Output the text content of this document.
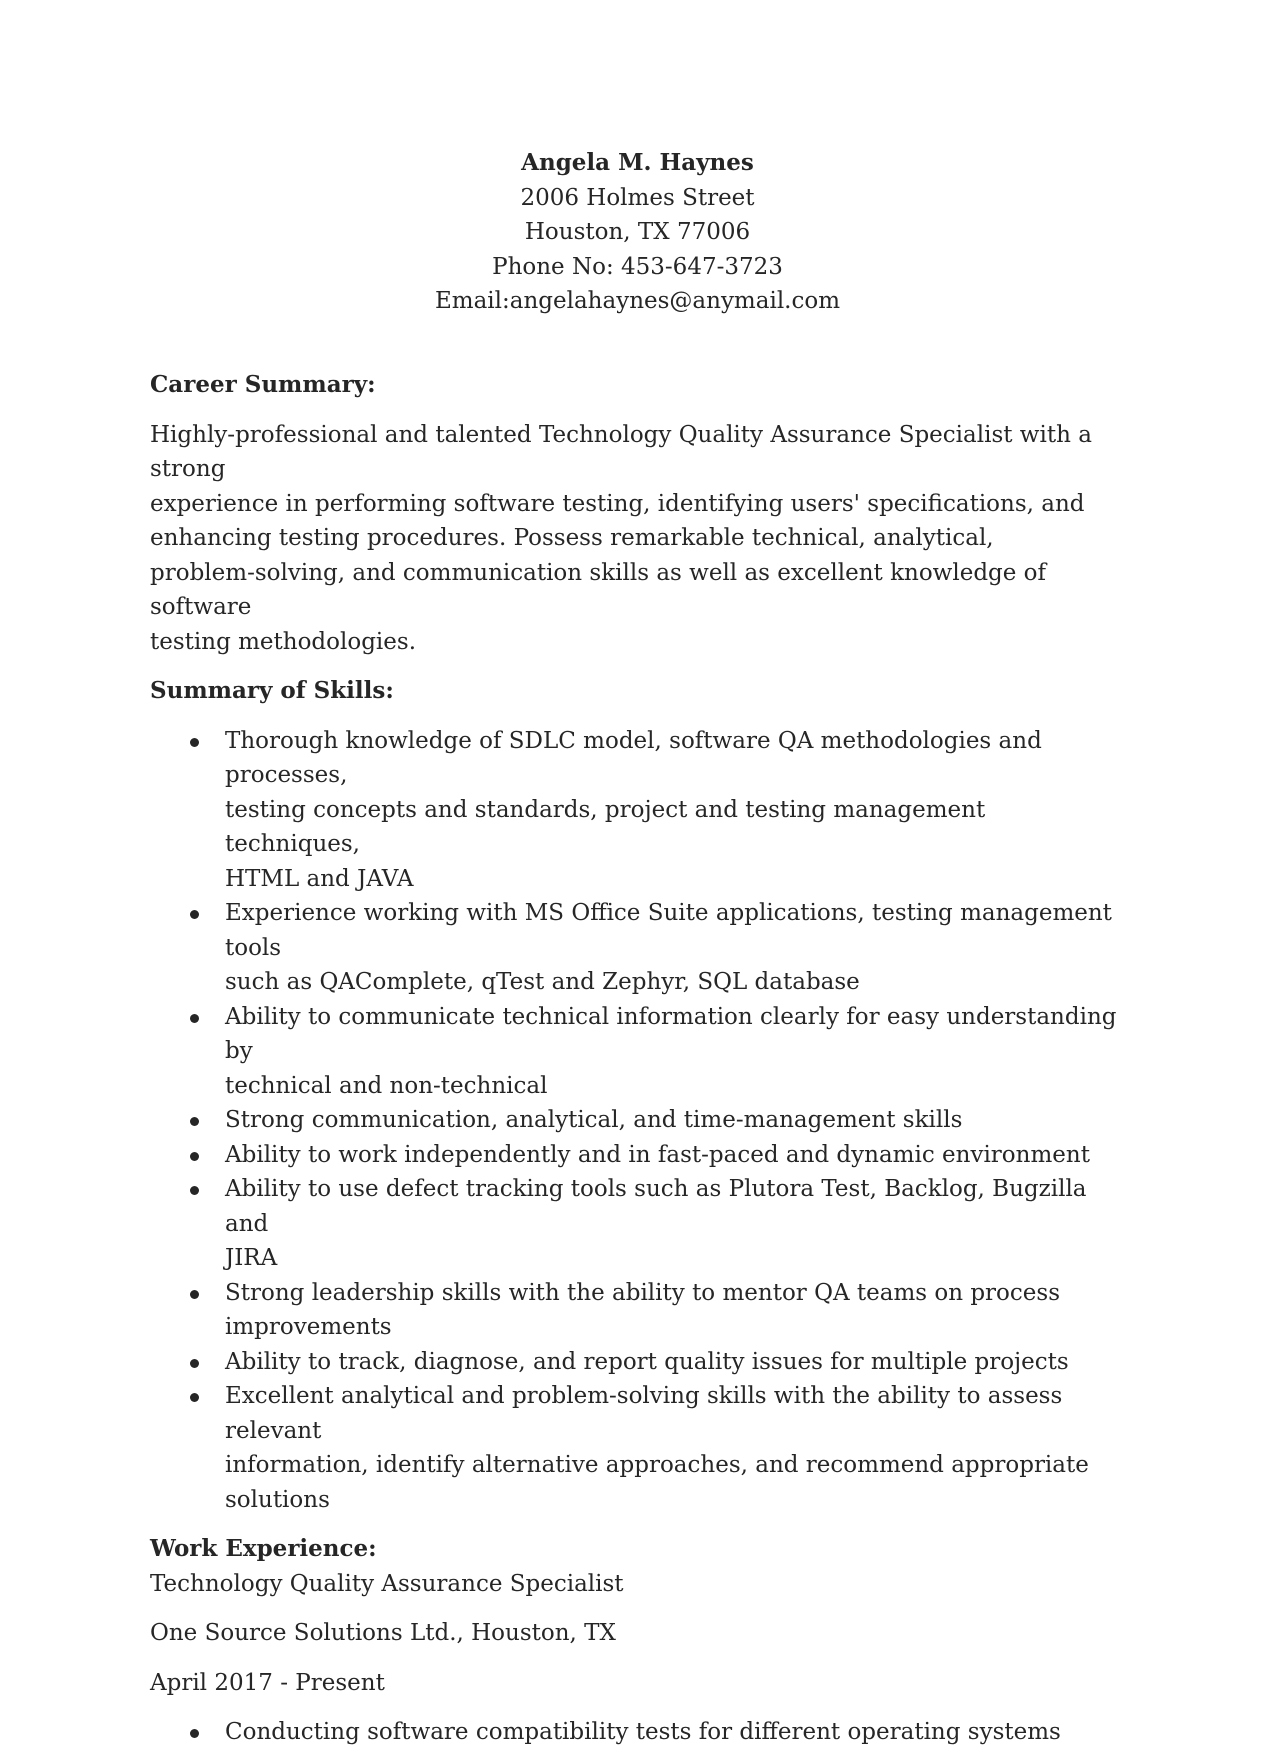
Angela M. Haynes
2006 Holmes Street
Houston, TX 77006
Phone No: 453-647-3723
Email:angelahaynes@anymail.com
Career Summary:
Highly-professional and talented Technology Quality Assurance Specialist with a strong
experience in performing software testing, identifying users' specifications, and
enhancing testing procedures. Possess remarkable technical, analytical,
problem-solving, and communication skills as well as excellent knowledge of software
testing methodologies.
Summary of Skills:
Thorough knowledge of SDLC model, software QA methodologies and processes,
testing concepts and standards, project and testing management techniques,
HTML and JAVA
Experience working with MS Office Suite applications, testing management tools
such as QAComplete, qTest and Zephyr, SQL database
Ability to communicate technical information clearly for easy understanding by
technical and non-technical
Strong communication, analytical, and time-management skills
Ability to work independently and in fast-paced and dynamic environment
Ability to use defect tracking tools such as Plutora Test, Backlog, Bugzilla and
JIRA
Strong leadership skills with the ability to mentor QA teams on process
improvements
Ability to track, diagnose, and report quality issues for multiple projects
Excellent analytical and problem-solving skills with the ability to assess relevant
information, identify alternative approaches, and recommend appropriate
solutions
Work Experience:
Technology Quality Assurance Specialist
One Source Solutions Ltd., Houston, TX
April 2017 - Present
Conducting software compatibility tests for different operating systems
